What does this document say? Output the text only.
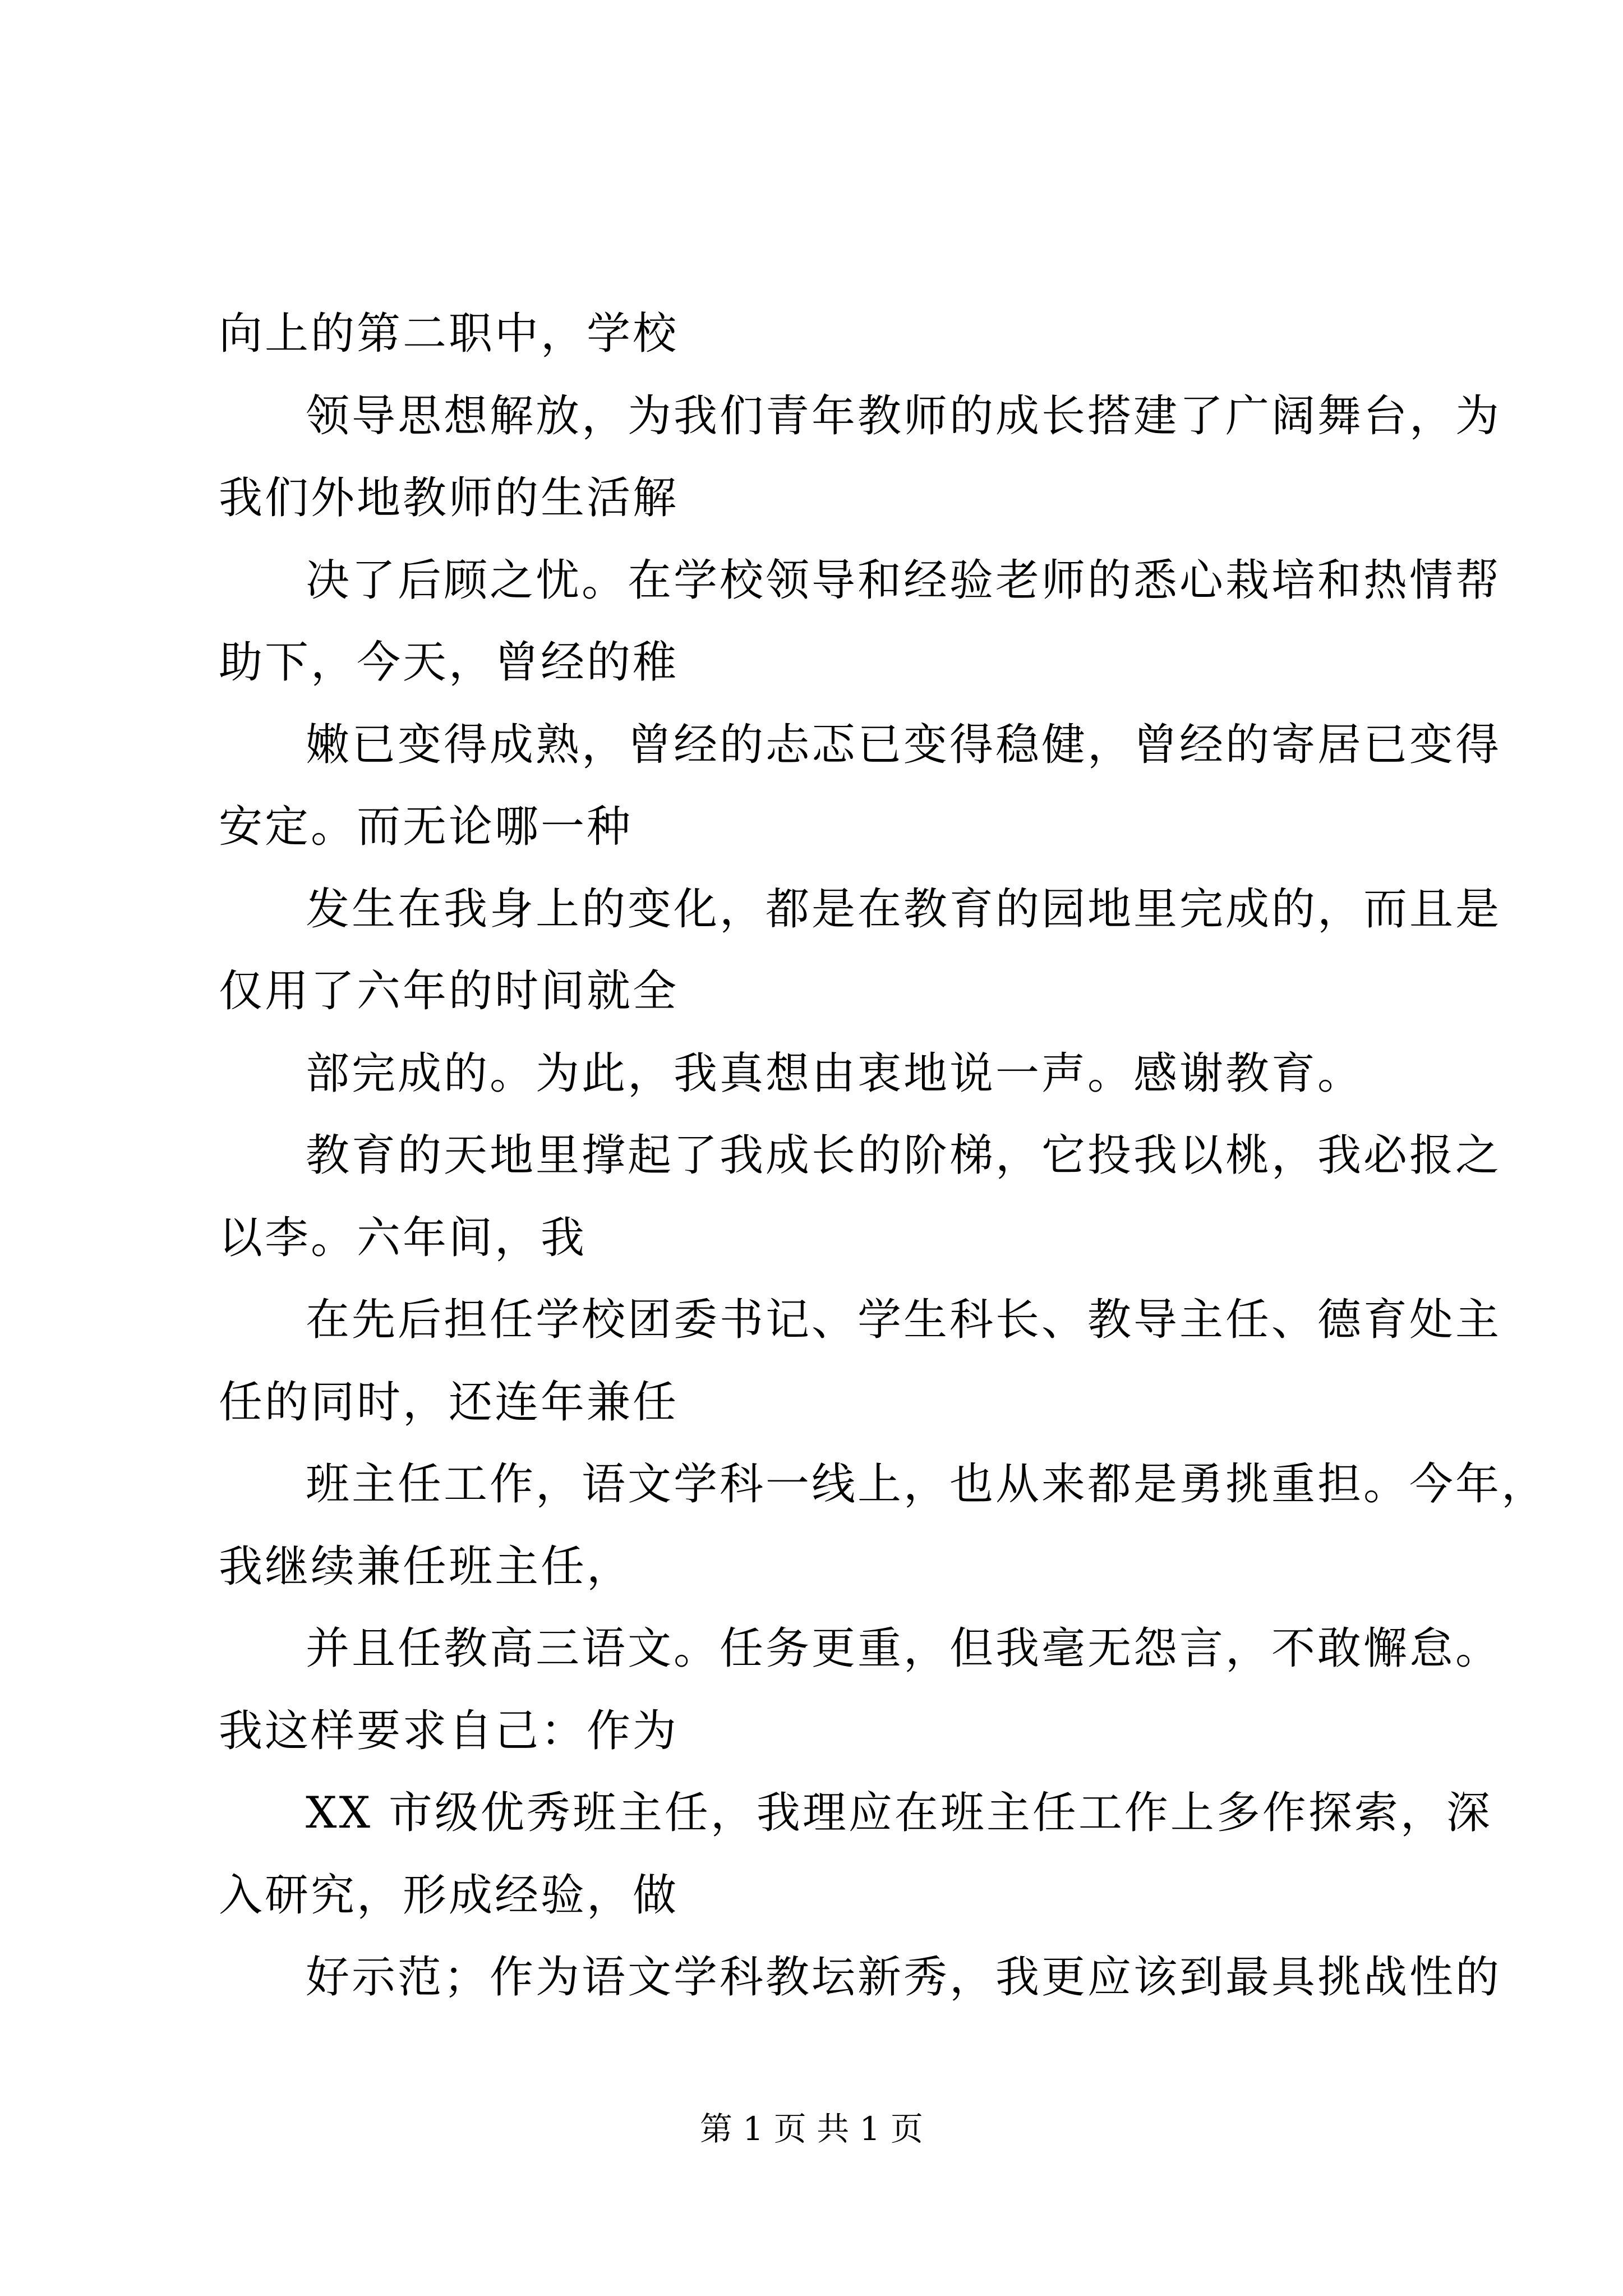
向上的第二职中，学校
领导思想解放，为我们青年教师的成长搭建了广阔舞台，为
我们外地教师的生活解
决了后顾之忧。在学校领导和经验老师的悉心栽培和热情帮
助下，今天，曾经的稚
嫩已变得成熟，曾经的忐忑已变得稳健，曾经的寄居已变得
安定。而无论哪一种
发生在我身上的变化，都是在教育的园地里完成的，而且是
仅用了六年的时间就全
部完成的。为此，我真想由衷地说一声。感谢教育。
教育的天地里撑起了我成长的阶梯，它投我以桃，我必报之
以李。六年间，我
在先后担任学校团委书记、学生科长、教导主任、德育处主
任的同时，还连年兼任
班主任工作，语文学科一线上，也从来都是勇挑重担。今年，
我继续兼任班主任，
并且任教高三语文。任务更重，但我毫无怨言，不敢懈怠。
我这样要求自己：作为
XX 市级优秀班主任，我理应在班主任工作上多作探索，深
入研究，形成经验，做
好示范；作为语文学科教坛新秀，我更应该到最具挑战性的
第 1 页 共 1 页
